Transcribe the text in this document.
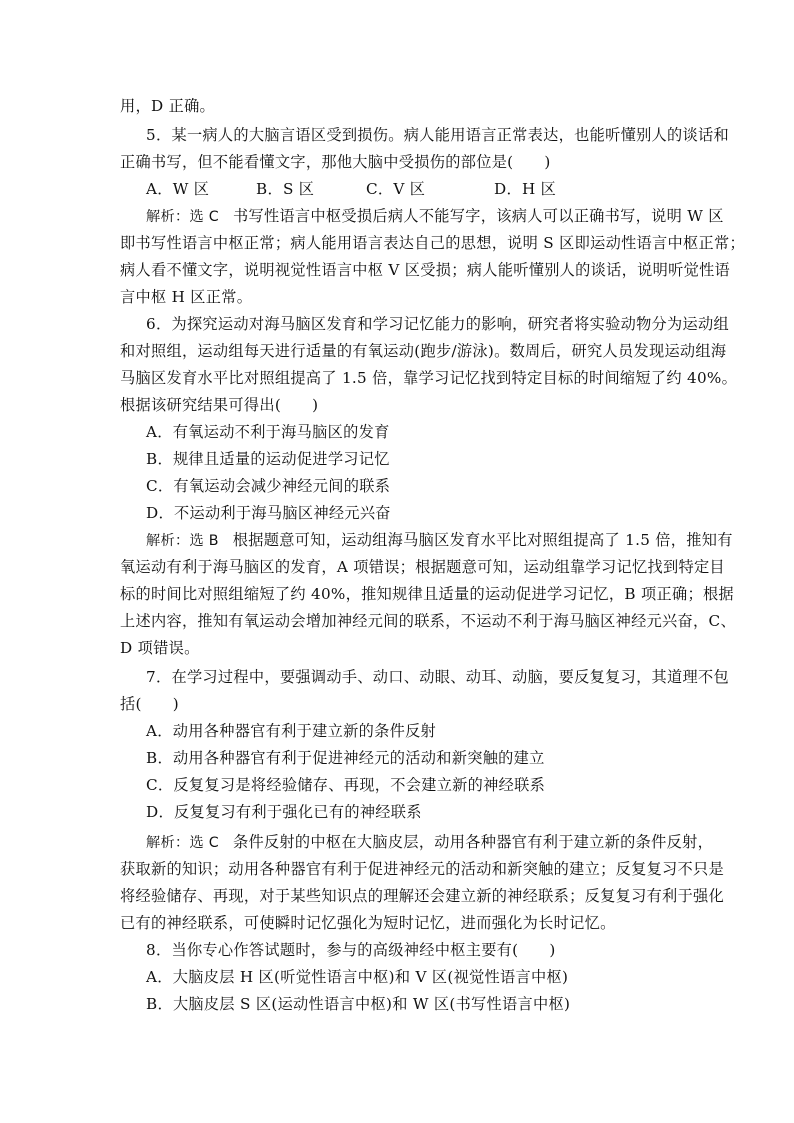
用，D 正确。
5．某一病人的大脑言语区受到损伤。病人能用语言正常表达，也能听懂别人的谈话和
正确书写，但不能看懂文字，那他大脑中受损伤的部位是(　　)
A．W 区	B．S 区	C．V 区	D．H 区
解析：选 C 书写性语言中枢受损后病人不能写字，该病人可以正确书写，说明 W 区
即书写性语言中枢正常；病人能用语言表达自己的思想，说明 S 区即运动性语言中枢正常；
病人看不懂文字，说明视觉性语言中枢 V 区受损；病人能听懂别人的谈话，说明听觉性语
言中枢 H 区正常。
6．为探究运动对海马脑区发育和学习记忆能力的影响，研究者将实验动物分为运动组
和对照组，运动组每天进行适量的有氧运动(跑步/游泳)。数周后，研究人员发现运动组海
马脑区发育水平比对照组提高了 1.5 倍，靠学习记忆找到特定目标的时间缩短了约 40%。
根据该研究结果可得出(　　)
A．有氧运动不利于海马脑区的发育
B．规律且适量的运动促进学习记忆
C．有氧运动会减少神经元间的联系
D．不运动利于海马脑区神经元兴奋
解析：选 B 根据题意可知，运动组海马脑区发育水平比对照组提高了 1.5 倍，推知有
氧运动有利于海马脑区的发育，A 项错误；根据题意可知，运动组靠学习记忆找到特定目
标的时间比对照组缩短了约 40%，推知规律且适量的运动促进学习记忆，B 项正确；根据
上述内容，推知有氧运动会增加神经元间的联系，不运动不利于海马脑区神经元兴奋，C、
D 项错误。
7．在学习过程中，要强调动手、动口、动眼、动耳、动脑，要反复复习，其道理不包
括(　　)
A．动用各种器官有利于建立新的条件反射
B．动用各种器官有利于促进神经元的活动和新突触的建立
C．反复复习是将经验储存、再现，不会建立新的神经联系
D．反复复习有利于强化已有的神经联系
解析：选 C 条件反射的中枢在大脑皮层，动用各种器官有利于建立新的条件反射，
获取新的知识；动用各种器官有利于促进神经元的活动和新突触的建立；反复复习不只是
将经验储存、再现，对于某些知识点的理解还会建立新的神经联系；反复复习有利于强化
已有的神经联系，可使瞬时记忆强化为短时记忆，进而强化为长时记忆。
8．当你专心作答试题时，参与的高级神经中枢主要有(　　)
A．大脑皮层 H 区(听觉性语言中枢)和 V 区(视觉性语言中枢)
B．大脑皮层 S 区(运动性语言中枢)和 W 区(书写性语言中枢)
